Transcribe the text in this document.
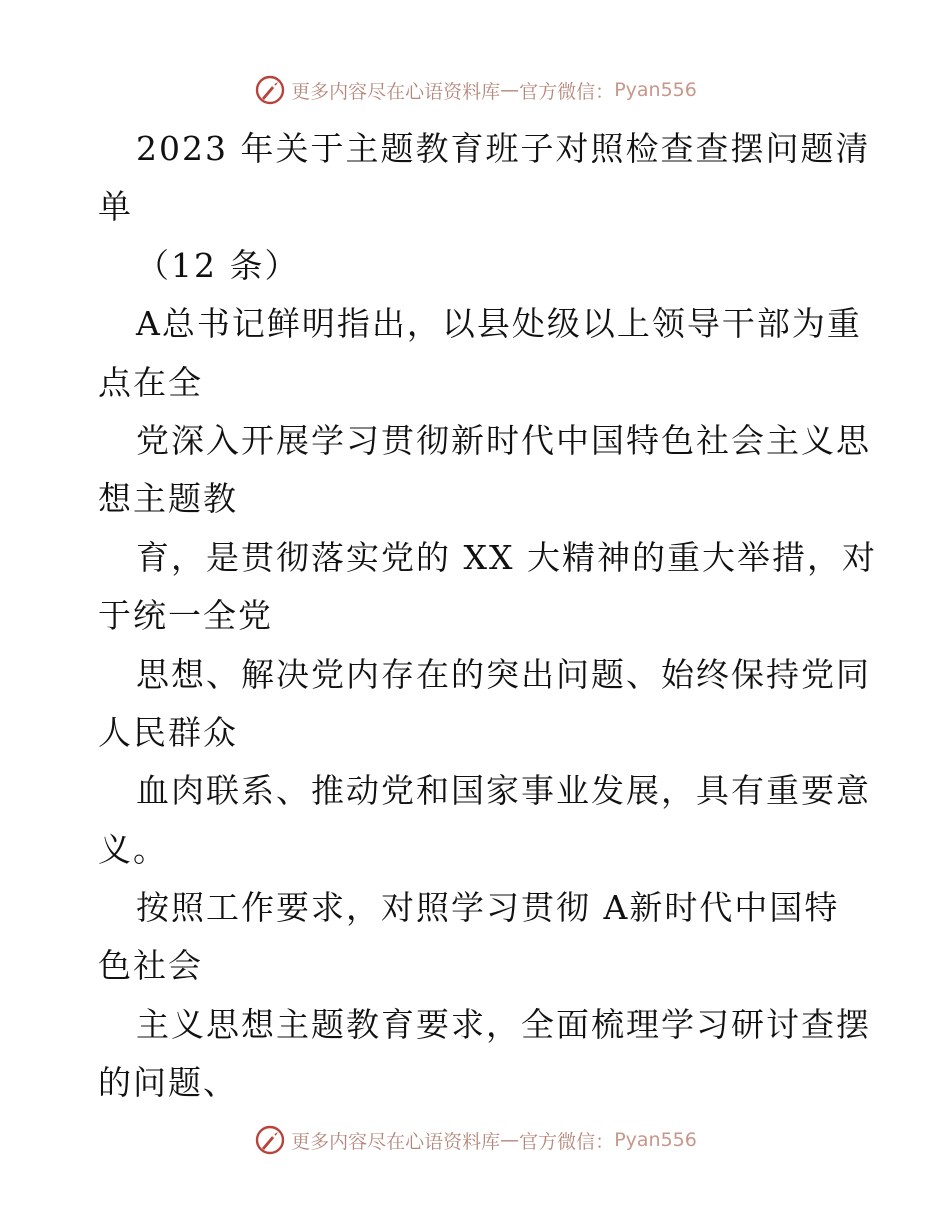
更多内容尽在心语资料库 — 官方微信： Pyan556
2023 年关于主题教育班子对照检查查摆问题清
单
（12 条）
A总书记鲜明指出，以县处级以上领导干部为重
点在全
党深入开展学习贯彻新时代中国特色社会主义思
想主题教
育，是贯彻落实党的 XX 大精神的重大举措，对
于统一全党
思想、解决党内存在的突出问题、始终保持党同
人民群众
血肉联系、推动党和国家事业发展，具有重要意
义。
按照工作要求，对照学习贯彻 A新时代中国特
色社会
主义思想主题教育要求，全面梳理学习研讨查摆
的问题、
更多内容尽在心语资料库 — 官方微信： Pyan556
